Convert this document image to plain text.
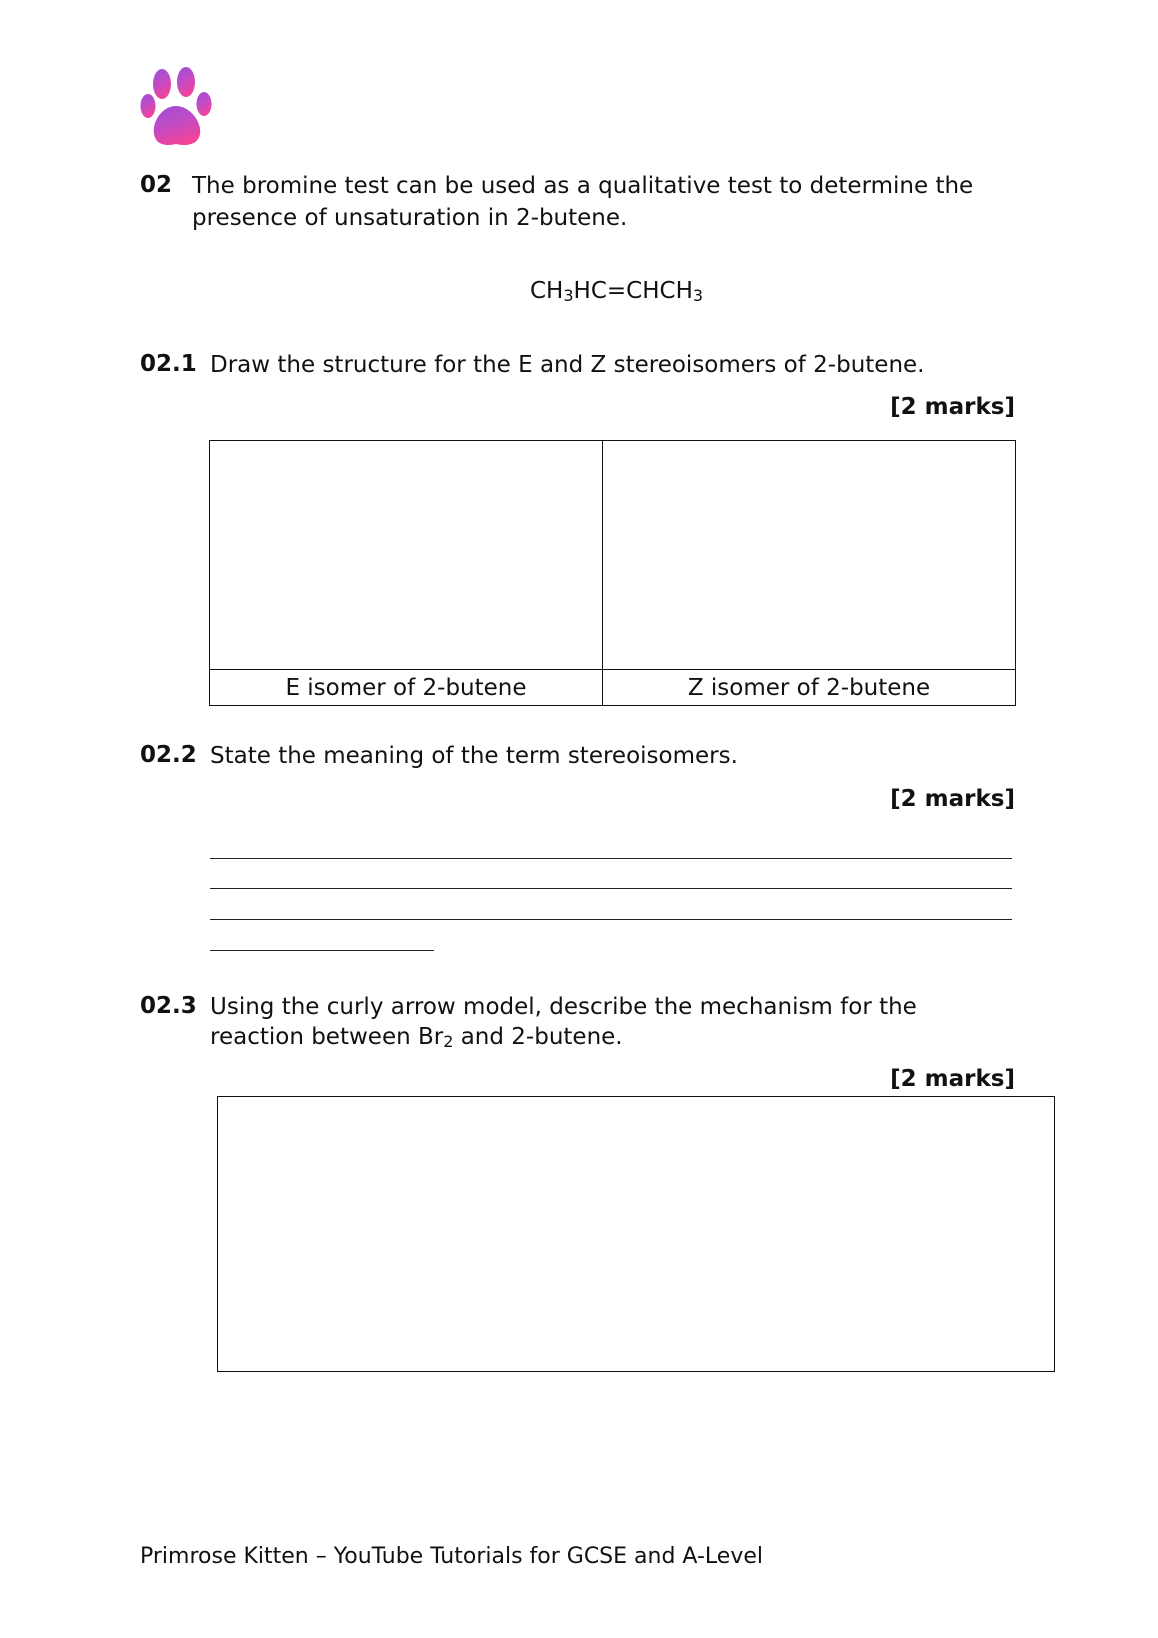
02 The bromine test can be used as a qualitative test to determine the
presence of unsaturation in 2-butene.
$CH_3HC=CHCH_3$
02.1 Draw the structure for the E and Z stereoisomers of 2-butene.
[2 marks]
E isomer of 2-butene	Z isomer of 2-butene
02.2 State the meaning of the term stereoisomers.
[2 marks]
02.3 Using the curly arrow model, describe the mechanism for the
reaction between $Br_2$ and 2-butene.
[2 marks]
Primrose Kitten – YouTube Tutorials for GCSE and A-Level
